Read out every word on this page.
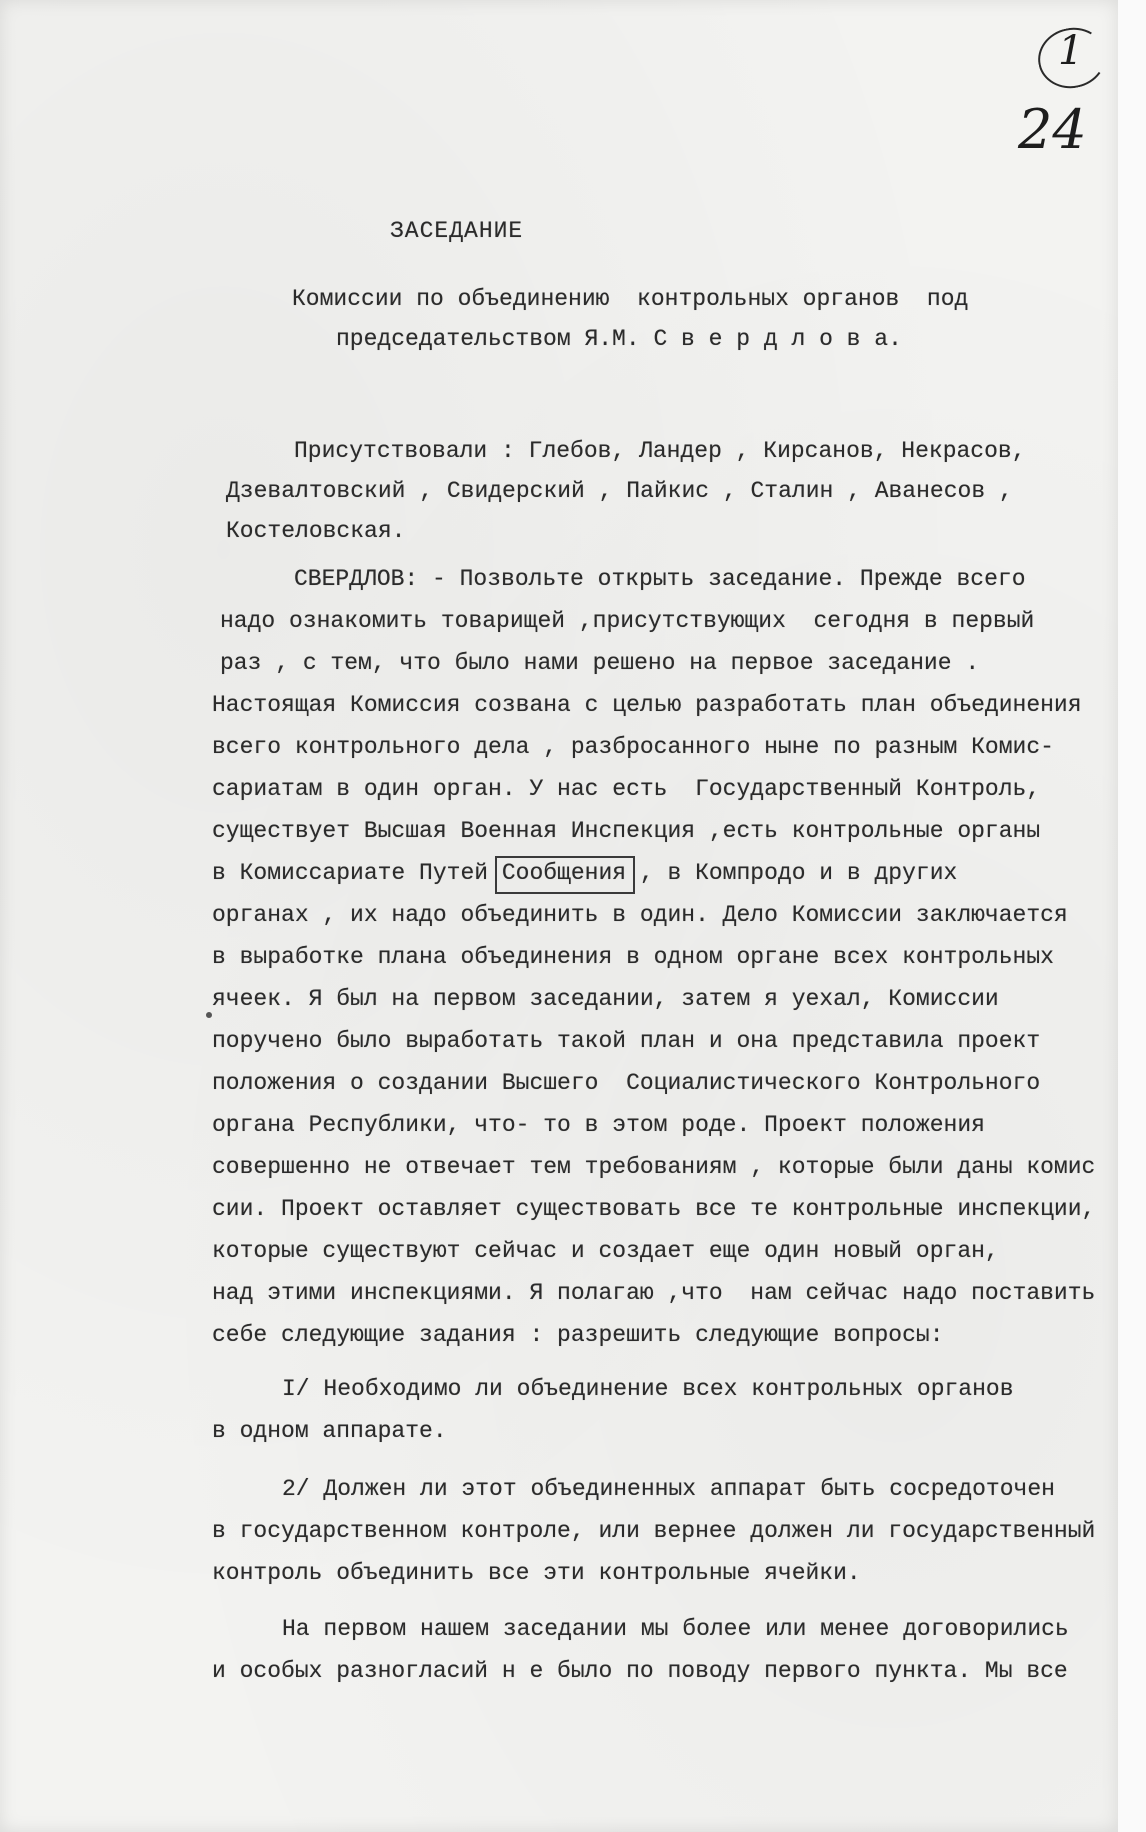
1
24
ЗАСЕДАНИЕ
Комиссии по объединению  контрольных органов  под
председательством Я.М. С в е р д л о в а.
Присутствовали : Глебов, Ландер , Кирсанов, Некрасов,
Дзевалтовский , Свидерский , Пайкис , Сталин , Аванесов ,
Костеловская.
СВЕРДЛОВ: - Позвольте открыть заседание. Прежде всего
надо ознакомить товарищей ,присутствующих  сегодня в первый
раз , с тем, что было нами решено на первое заседание .
Настоящая Комиссия созвана с целью разработать план объединения
всего контрольного дела , разбросанного ныне по разным Комис-
сариатам в один орган. У нас есть  Государственный Контроль,
существует Высшая Военная Инспекция ,есть контрольные органы
в Комиссариате Путей Сообщения , в Компродо и в других
органах , их надо объединить в один. Дело Комиссии заключается
в выработке плана объединения в одном органе всех контрольных
ячеек. Я был на первом заседании, затем я уехал, Комиссии
поручено было выработать такой план и она представила проект
положения о создании Высшего  Социалистического Контрольного
органа Республики, что- то в этом роде. Проект положения
совершенно не отвечает тем требованиям , которые были даны комис
сии. Проект оставляет существовать все те контрольные инспекции,
которые существуют сейчас и создает еще один новый орган,
над этими инспекциями. Я полагаю ,что  нам сейчас надо поставить
себе следующие задания : разрешить следующие вопросы:
I/ Необходимо ли объединение всех контрольных органов
в одном аппарате.
2/ Должен ли этот объединенных аппарат быть сосредоточен
в государственном контроле, или вернее должен ли государственный
контроль объединить все эти контрольные ячейки.
На первом нашем заседании мы более или менее договорились
и особых разногласий н е было по поводу первого пункта. Мы все
